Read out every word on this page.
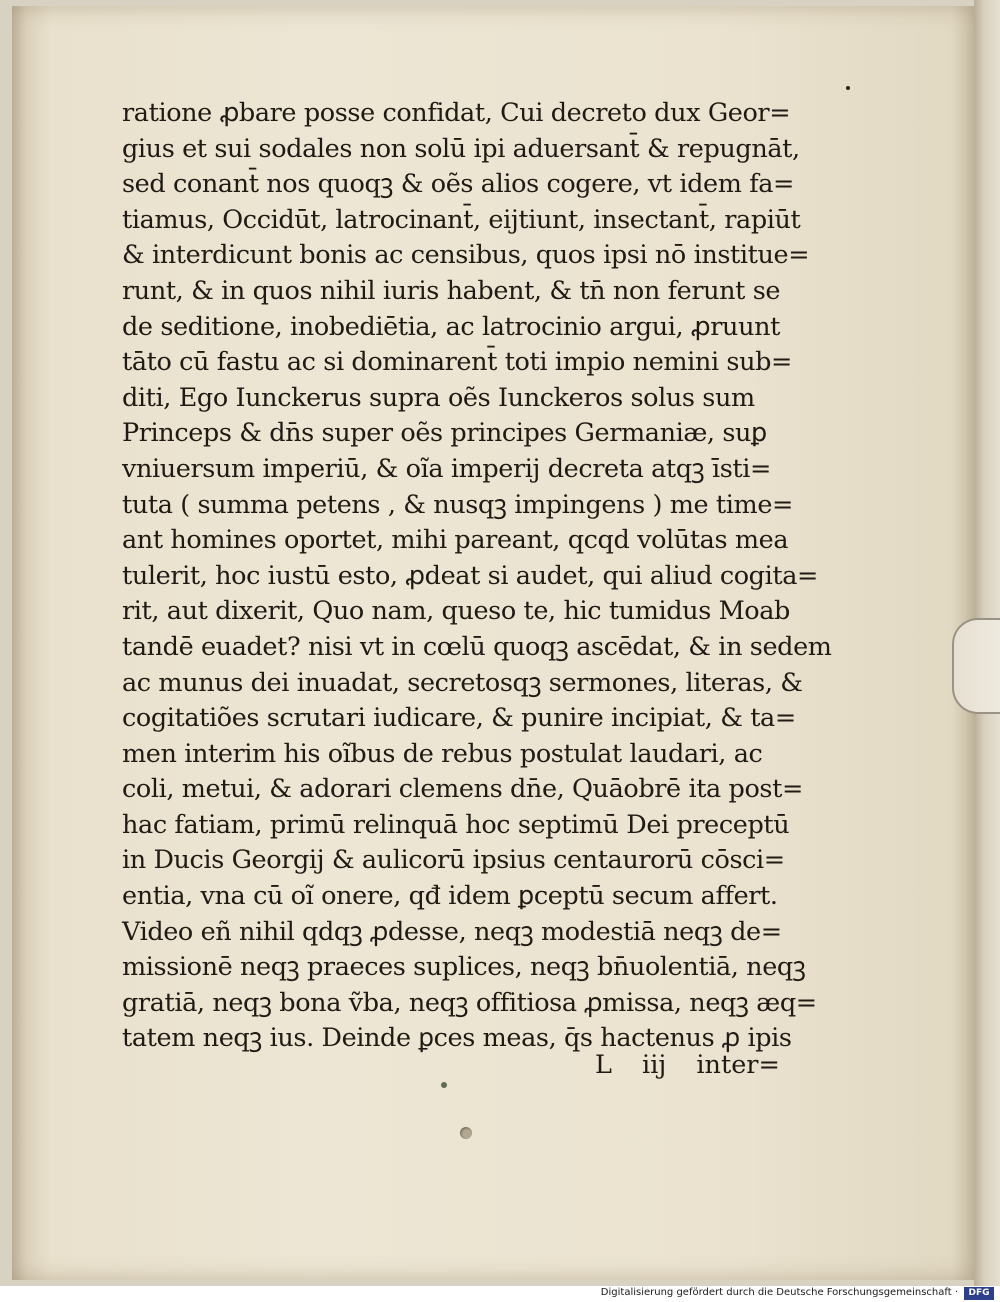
ratione ꝓbare posse confidat, Cui decreto dux Geor=
gius et sui sodales non solū ipi aduersant̄ & repugnāt,
sed conant̄ nos quoqꝫ & oẽs alios cogere, vt idem fa=
tiamus, Occidūt, latrocinant̄, eijtiunt, insectant̄, rapiūt
& interdicunt bonis ac censibus, quos ipsi nō institue=
runt, & in quos nihil iuris habent, & tn̄ non ferunt se
de seditione, inobediētia, ac latrocinio argui, ꝓruunt
tāto cū fastu ac si dominarent̄ toti impio nemini sub=
diti, Ego Iunckerus supra oẽs Iunckeros solus sum
Princeps & dn̄s super oẽs principes Germaniæ, suꝑ
vniuersum imperiū, & oĩa imperij decreta atqꝫ īsti=
tuta ( summa petens , & nusqꝫ impingens ) me time=
ant homines oportet, mihi pareant, qcqd volūtas mea
tulerit, hoc iustū esto, ꝓdeat si audet, qui aliud cogita=
rit, aut dixerit, Quo nam, queso te, hic tumidus Moab
tandē euadet? nisi vt in cœlū quoqꝫ ascēdat, & in sedem
ac munus dei inuadat, secretosqꝫ sermones, literas, &
cogitatiões scrutari iudicare, & punire incipiat, & ta=
men interim his oĩbus de rebus postulat laudari, ac
coli, metui, & adorari clemens dn̄e, Quāobrē ita post=
hac fatiam, primū relinquā hoc septimū Dei preceptū
in Ducis Georgij & aulicorū ipsius centaurorū cōsci=
entia, vna cū oĩ onere, qđ idem ꝑceptū secum affert.
Video eñ nihil qdqꝫ ꝓdesse, neqꝫ modestiā neqꝫ de=
missionē neqꝫ praeces suplices, neqꝫ bn̄uolentiā, neqꝫ
gratiā, neqꝫ bona ṽba, neqꝫ offitiosa ꝓmissa, neqꝫ æq=
tatem neqꝫ ius. Deinde ꝑces meas, q̄s hactenus ꝓ ipis
L iij inter=
Digitalisierung gefördert durch die Deutsche Forschungsgemeinschaft ·	DFG
